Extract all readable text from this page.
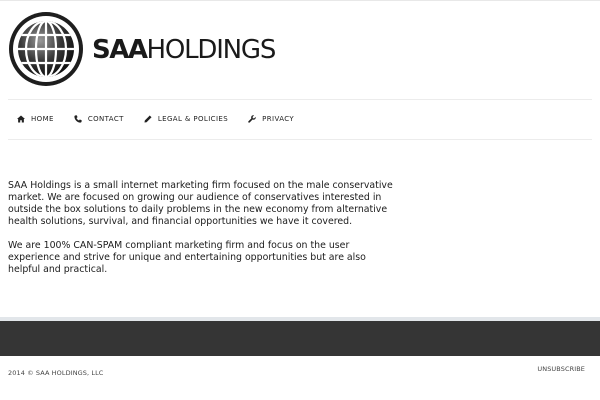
SAAHOLDINGS
HOME	CONTACT	LEGAL & POLICIES	PRIVACY

SAA Holdings is a small internet marketing firm focused on the male conservative market. We are focused on growing our audience of conservatives interested in outside the box solutions to daily problems in the new economy from alternative health solutions, survival, and financial opportunities we have it covered.

We are 100% CAN-SPAM compliant marketing firm and focus on the user experience and strive for unique and entertaining opportunities but are also helpful and practical.

2014 © SAA HOLDINGS, LLC	UNSUBSCRIBE
